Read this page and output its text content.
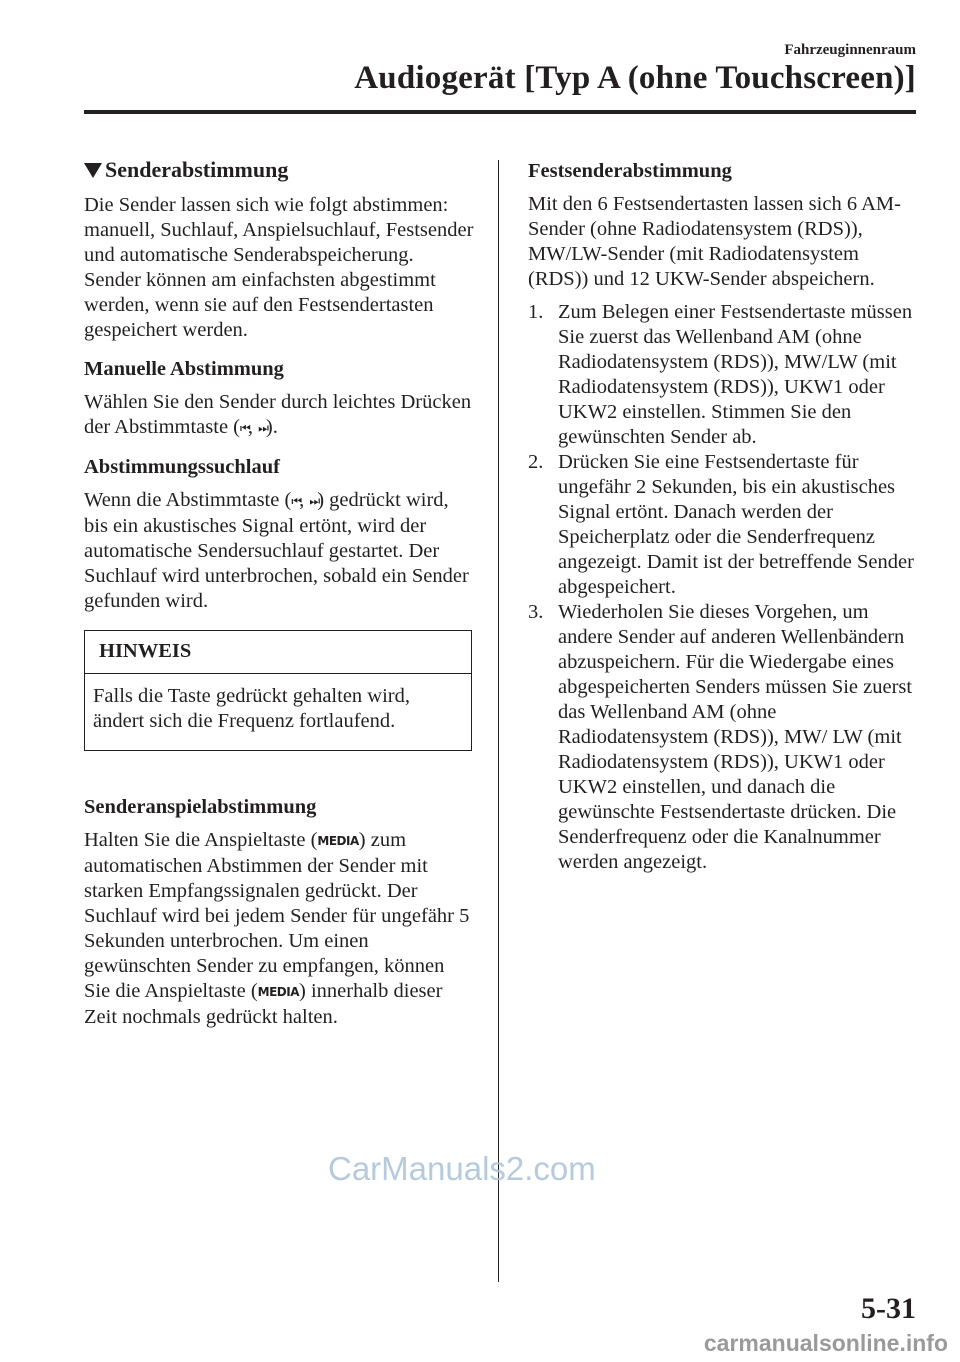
Fahrzeuginnenraum
Audiogerät [Typ A (ohne Touchscreen)]
Senderabstimmung

Die Sender lassen sich wie folgt abstimmen: manuell, Suchlauf, Anspielsuchlauf, Festsender und automatische Senderabspeicherung. Sender können am einfachsten abgestimmt werden, wenn sie auf den Festsendertasten gespeichert werden.

Manuelle Abstimmung

Wählen Sie den Sender durch leichtes Drücken der Abstimmtaste (⏮, ⏭).

Abstimmungssuchlauf

Wenn die Abstimmtaste (⏮, ⏭) gedrückt wird, bis ein akustisches Signal ertönt, wird der automatische Sendersuchlauf gestartet. Der Suchlauf wird unterbrochen, sobald ein Sender gefunden wird.

HINWEIS
Falls die Taste gedrückt gehalten wird, ändert sich die Frequenz fortlaufend.
Senderanspielabstimmung

Halten Sie die Anspieltaste (MEDIA) zum automatischen Abstimmen der Sender mit starken Empfangssignalen gedrückt. Der Suchlauf wird bei jedem Sender für ungefähr 5 Sekunden unterbrochen. Um einen gewünschten Sender zu empfangen, können Sie die Anspieltaste (MEDIA) innerhalb dieser Zeit nochmals gedrückt halten.

Festsenderabstimmung

Mit den 6 Festsendertasten lassen sich 6 AM-Sender (ohne Radiodatensystem (RDS)), MW/LW-Sender (mit Radiodatensystem (RDS)) und 12 UKW-Sender abspeichern.

1. Zum Belegen einer Festsendertaste müssen Sie zuerst das Wellenband AM (ohne Radiodatensystem (RDS)), MW/LW (mit Radiodatensystem (RDS)), UKW1 oder UKW2 einstellen. Stimmen Sie den gewünschten Sender ab.
2. Drücken Sie eine Festsendertaste für ungefähr 2 Sekunden, bis ein akustisches Signal ertönt. Danach werden der Speicherplatz oder die Senderfrequenz angezeigt. Damit ist der betreffende Sender abgespeichert.
3. Wiederholen Sie dieses Vorgehen, um andere Sender auf anderen Wellenbändern abzuspeichern. Für die Wiedergabe eines abgespeicherten Senders müssen Sie zuerst das Wellenband AM (ohne Radiodatensystem (RDS)), MW/ LW (mit Radiodatensystem (RDS)), UKW1 oder UKW2 einstellen, und danach die gewünschte Festsendertaste drücken. Die Senderfrequenz oder die Kanalnummer werden angezeigt.
CarManuals2.com
5-31
carmanualsonline.info
